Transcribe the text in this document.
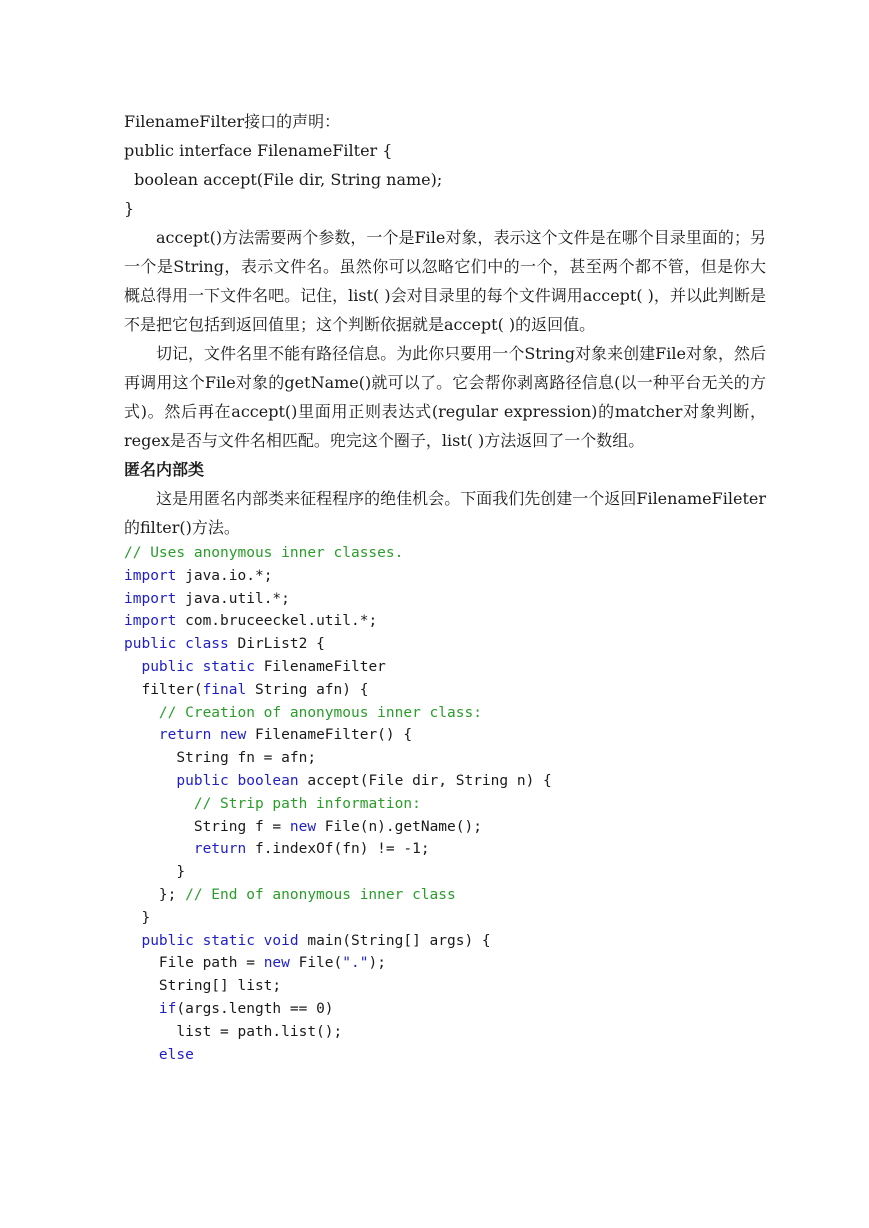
FilenameFilter接口的声明：
public interface FilenameFilter {
boolean accept(File dir, String name);
}

accept()方法需要两个参数，一个是File对象，表示这个文件是在哪个目录里面的；另一个是String，表示文件名。虽然你可以忽略它们中的一个，甚至两个都不管，但是你大概总得用一下文件名吧。记住，list( )会对目录里的每个文件调用accept( )，并以此判断是不是把它包括到返回值里；这个判断依据就是accept( )的返回值。

切记，文件名里不能有路径信息。为此你只要用一个String对象来创建File对象，然后再调用这个File对象的getName()就可以了。它会帮你剥离路径信息(以一种平台无关的方式)。然后再在accept()里面用正则表达式(regular expression)的matcher对象判断，regex是否与文件名相匹配。兜完这个圈子，list( )方法返回了一个数组。

匿名内部类

这是用匿名内部类来征程程序的绝佳机会。下面我们先创建一个返回FilenameFileter的filter()方法。

// Uses anonymous inner classes.
import java.io.*;
import java.util.*;
import com.bruceeckel.util.*;
public class DirList2 {
public static FilenameFilter
filter(final String afn) {
// Creation of anonymous inner class:
return new FilenameFilter() {
String fn = afn;
public boolean accept(File dir, String n) {
// Strip path information:
String f = new File(n).getName();
return f.indexOf(fn) != -1;
}
}; // End of anonymous inner class
}
public static void main(String[] args) {
File path = new File(".");
String[] list;
if(args.length == 0)
list = path.list();
else
